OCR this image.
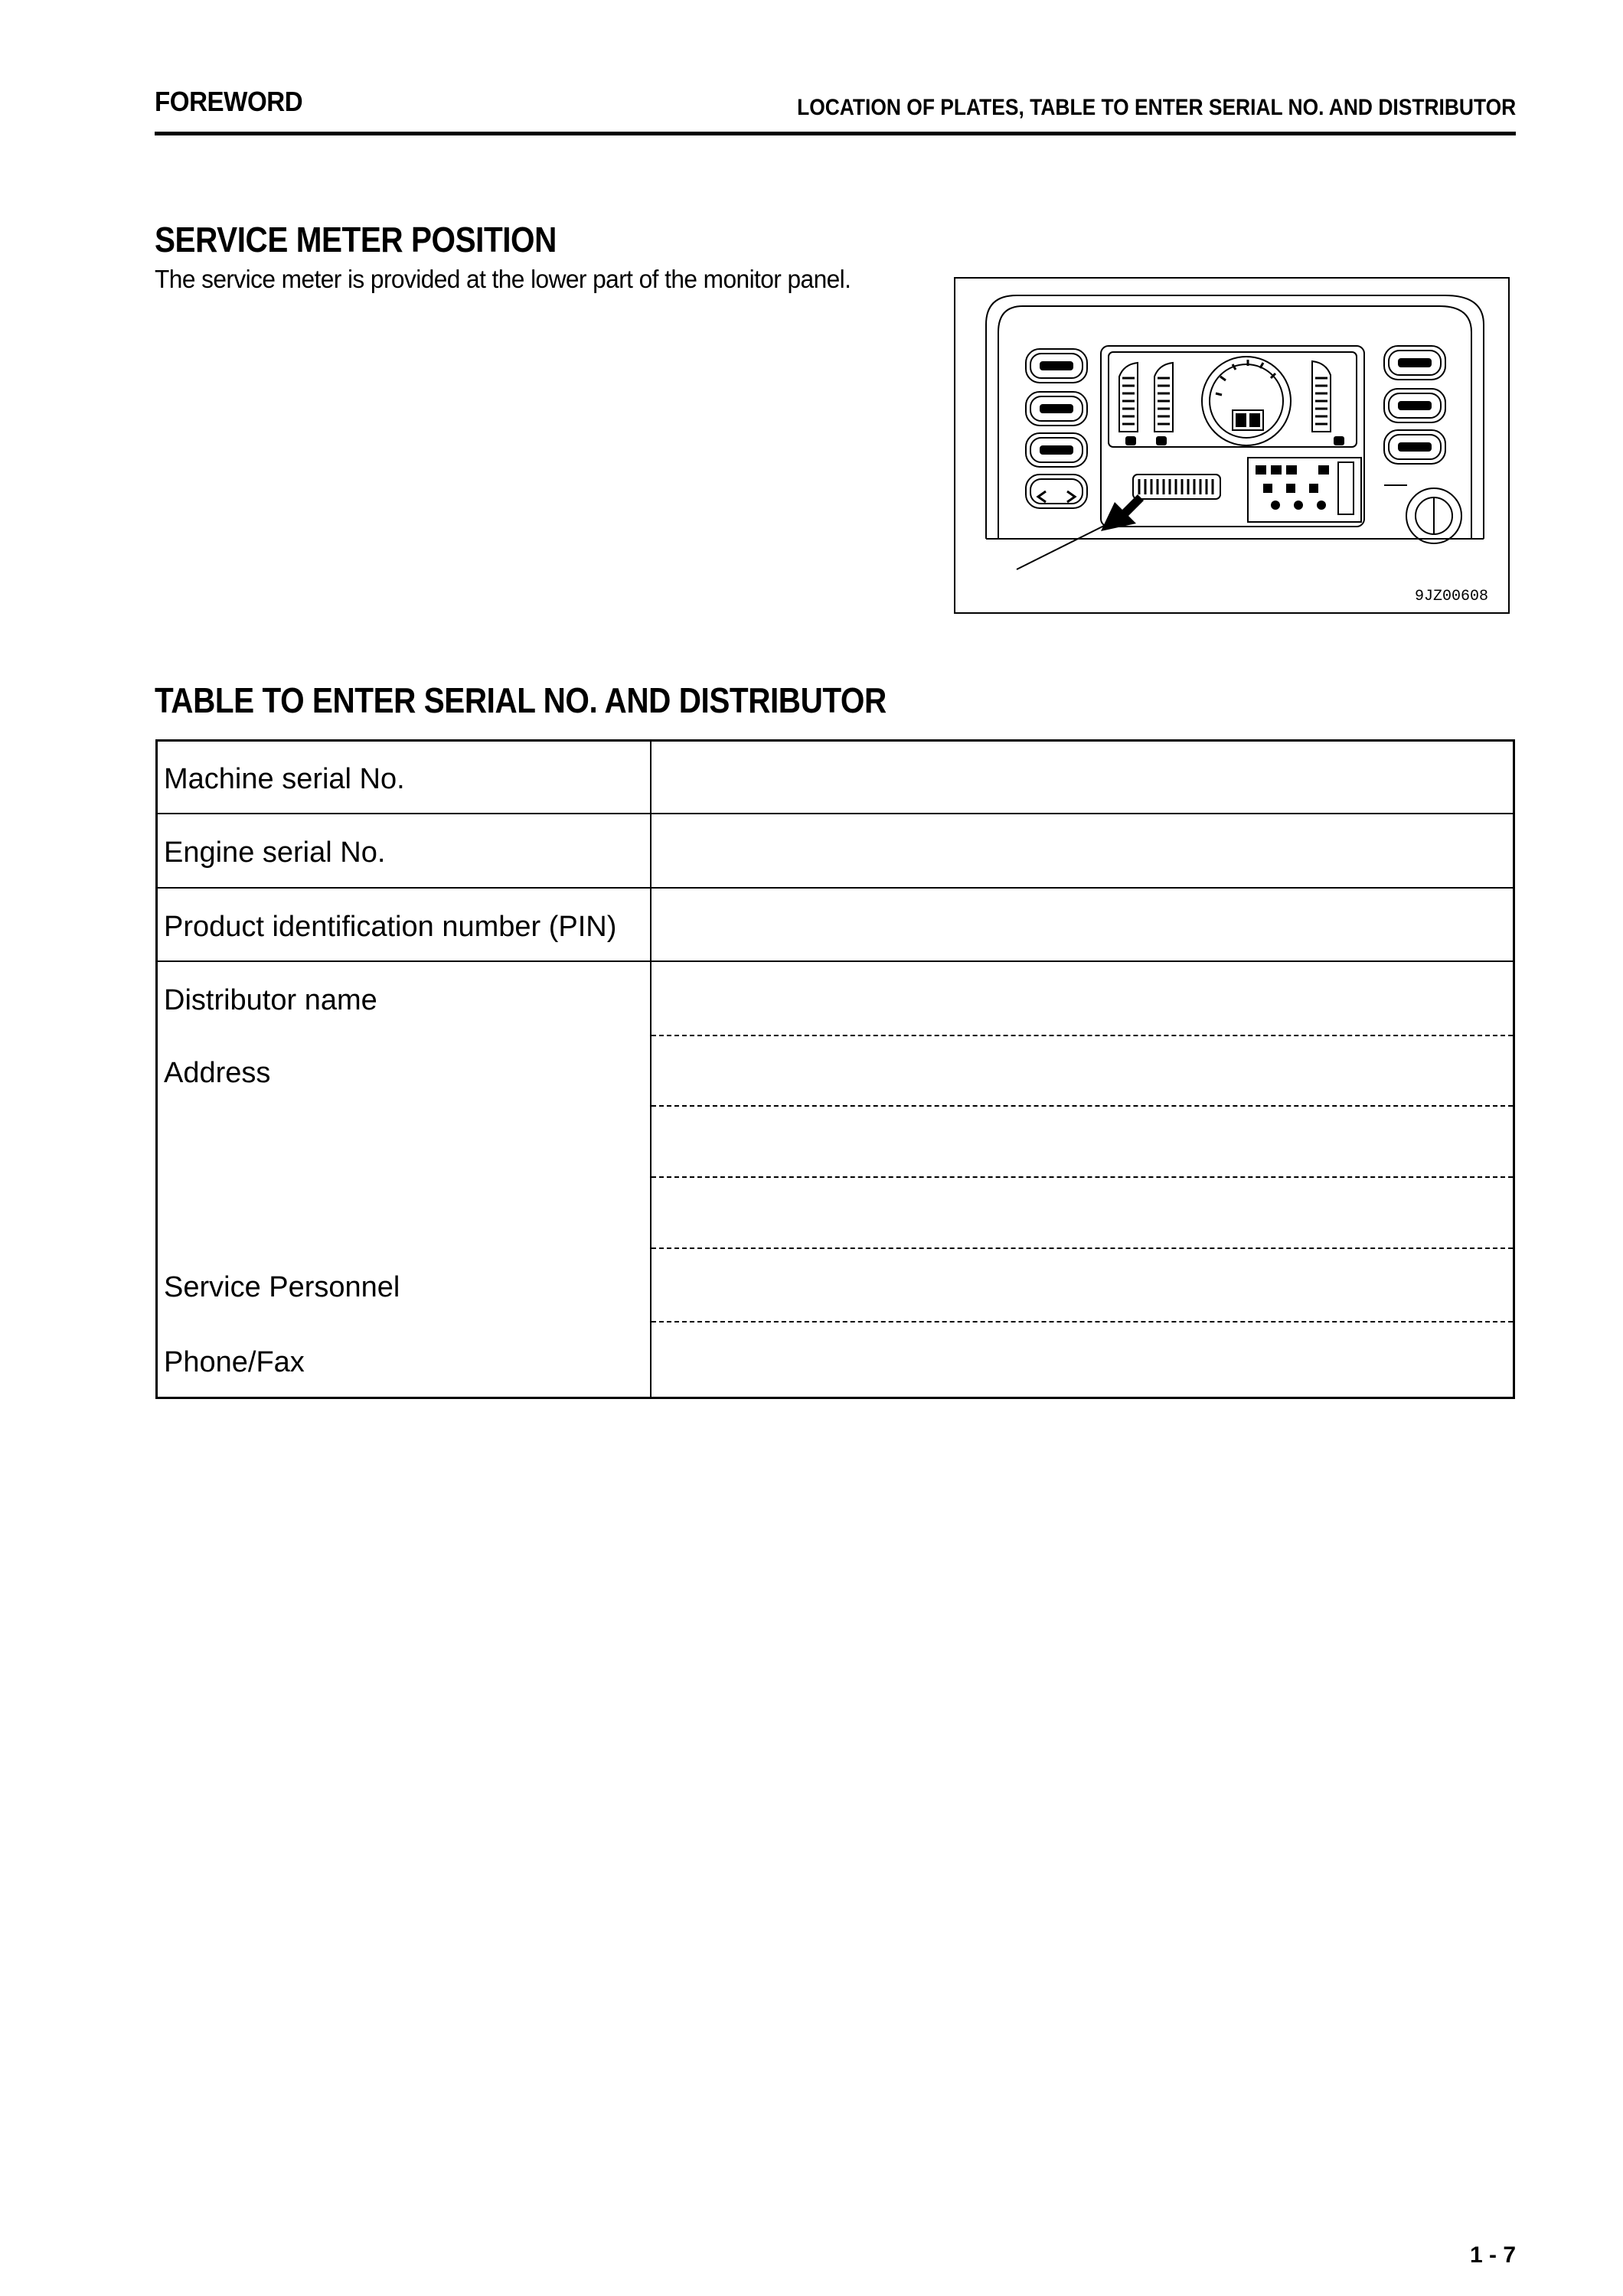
FOREWORD	LOCATION OF PLATES, TABLE TO ENTER SERIAL NO. AND DISTRIBUTOR
SERVICE METER POSITION
The service meter is provided at the lower part of the monitor panel.
9JZ00608
TABLE TO ENTER SERIAL NO. AND DISTRIBUTOR
Machine serial No.
Engine serial No.
Product identification number (PIN)
Distributor name
Address
Service Personnel
Phone/Fax
1 - 7
